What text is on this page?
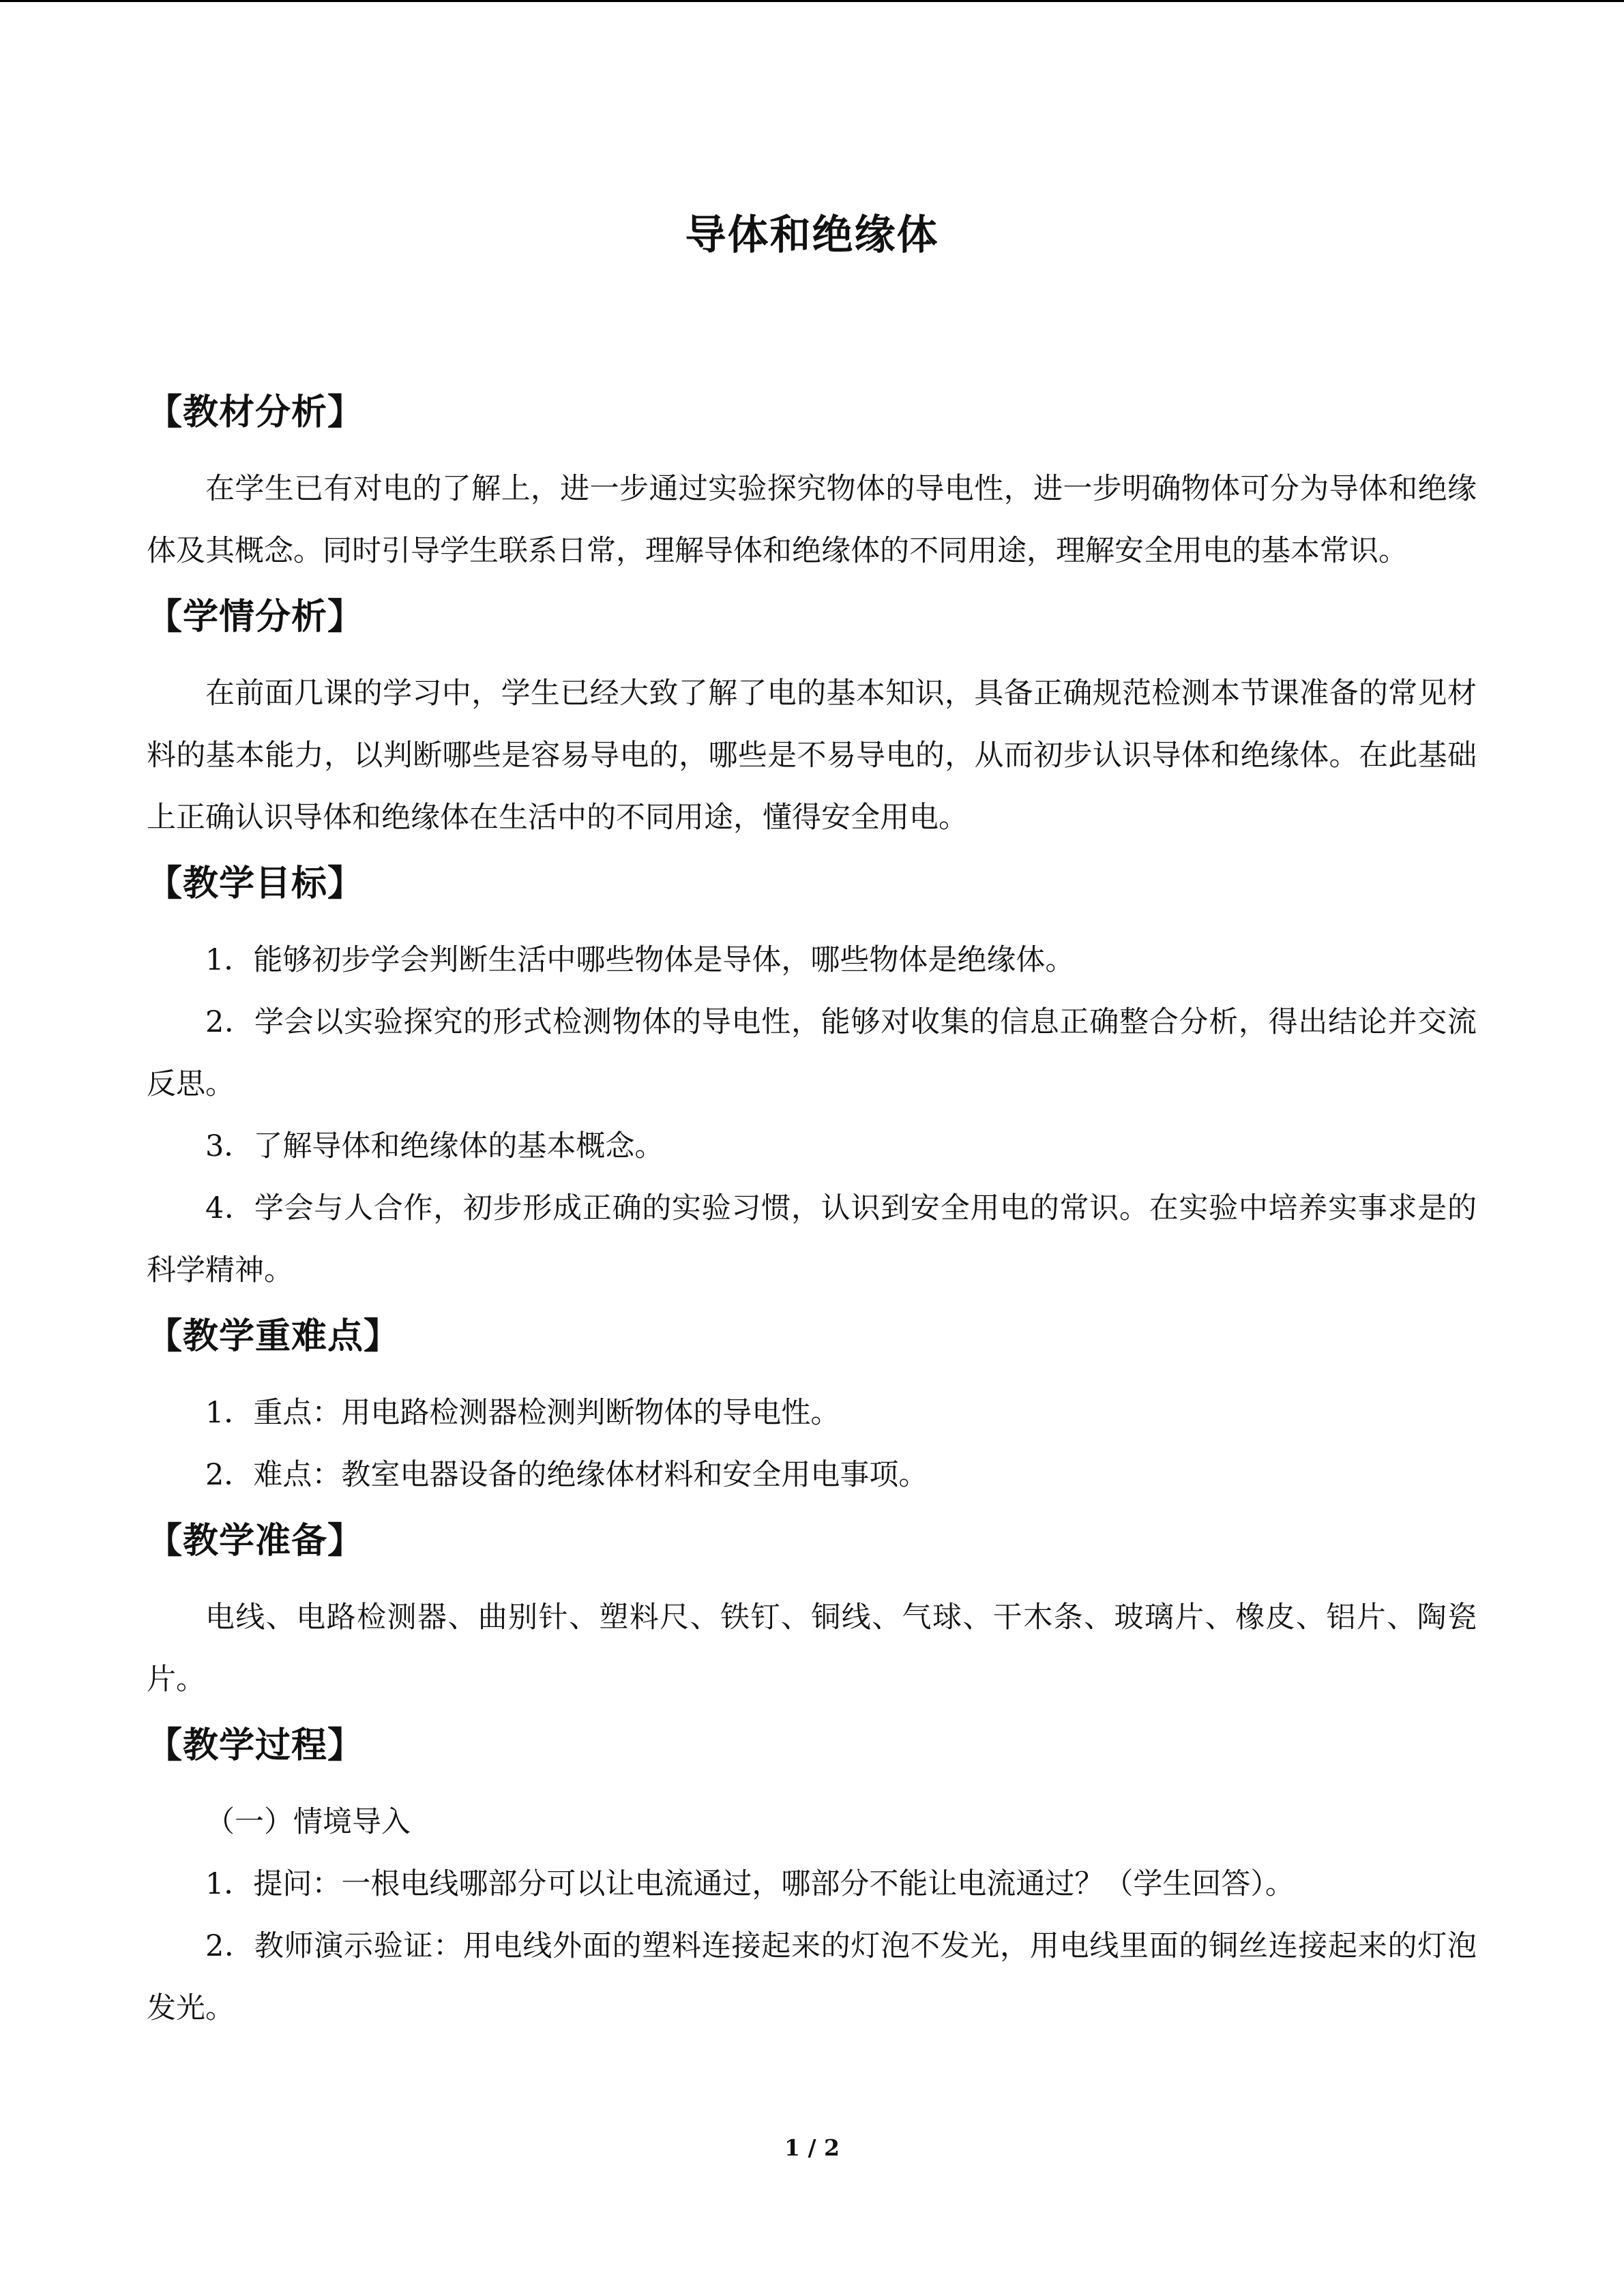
导体和绝缘体
【教材分析】

在学生已有对电的了解上，进一步通过实验探究物体的导电性，进一步明确物体可分为导体和绝缘体及其概念。同时引导学生联系日常，理解导体和绝缘体的不同用途，理解安全用电的基本常识。

【学情分析】

在前面几课的学习中，学生已经大致了解了电的基本知识，具备正确规范检测本节课准备的常见材料的基本能力，以判断哪些是容易导电的，哪些是不易导电的，从而初步认识导体和绝缘体。在此基础上正确认识导体和绝缘体在生活中的不同用途，懂得安全用电。

【教学目标】

1．能够初步学会判断生活中哪些物体是导体，哪些物体是绝缘体。

2．学会以实验探究的形式检测物体的导电性，能够对收集的信息正确整合分析，得出结论并交流反思。

3．了解导体和绝缘体的基本概念。

4．学会与人合作，初步形成正确的实验习惯，认识到安全用电的常识。在实验中培养实事求是的科学精神。

【教学重难点】

1．重点：用电路检测器检测判断物体的导电性。

2．难点：教室电器设备的绝缘体材料和安全用电事项。

【教学准备】

电线、电路检测器、曲别针、塑料尺、铁钉、铜线、气球、干木条、玻璃片、橡皮、铝片、陶瓷片。

【教学过程】

（一）情境导入

1．提问：一根电线哪部分可以让电流通过，哪部分不能让电流通过？（学生回答）。

2．教师演示验证：用电线外面的塑料连接起来的灯泡不发光，用电线里面的铜丝连接起来的灯泡发光。

1 / 2
